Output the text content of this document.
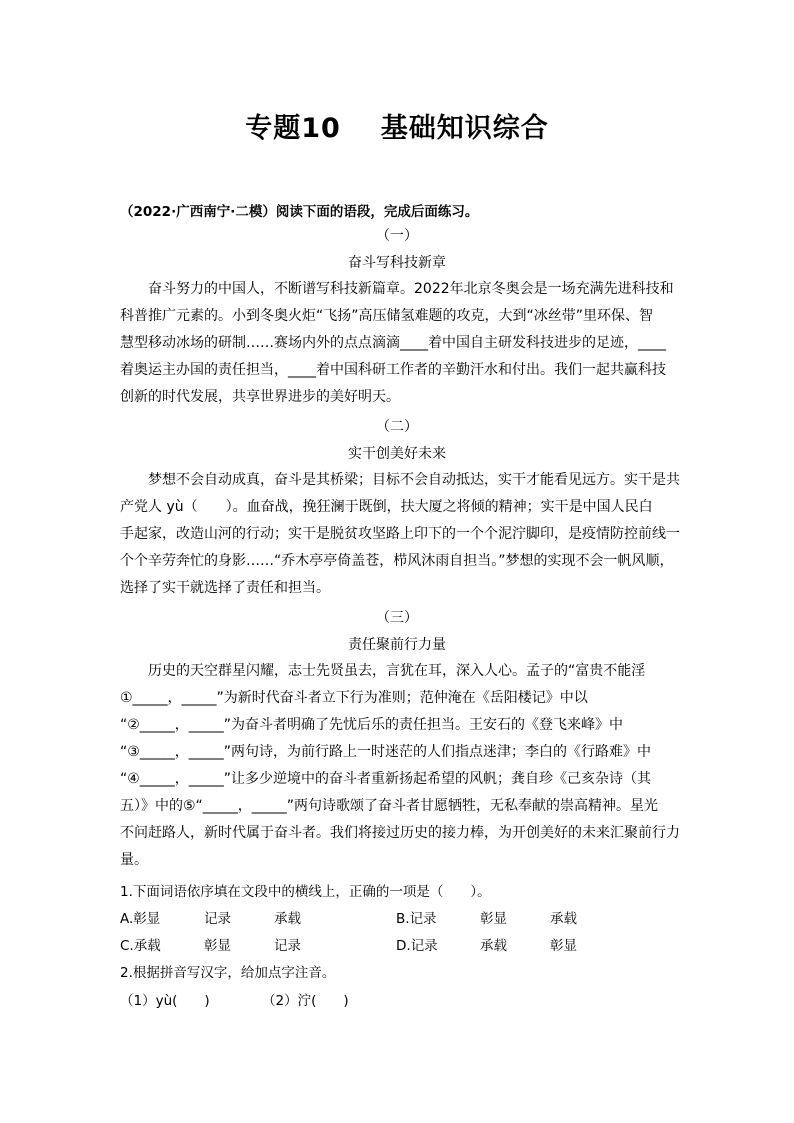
专题10 基础知识综合
（2022·广西南宁·二模）阅读下面的语段，完成后面练习。
（一）
奋斗写科技新章
　　奋斗努力的中国人，不断谱写科技新篇章。2022年北京冬奥会是一场充满先进科技和
科普推广元素的。小到冬奥火炬“飞扬”高压储氢难题的攻克，大到“冰丝带”里环保、智
慧型移动冰场的研制……赛场内外的点点滴滴____着中国自主研发科技进步的足迹，____
着奥运主办国的责任担当，____着中国科研工作者的辛勤汗水和付出。我们一起共赢科技
创新的时代发展，共享世界进步的美好明天。
（二）
实干创美好未来
　　梦想不会自动成真，奋斗是其桥梁；目标不会自动抵达，实干才能看见远方。实干是共
产党人 yù（　　）。血奋战，挽狂澜于既倒，扶大厦之将倾的精神；实干是中国人民白
手起家，改造山河的行动；实干是脱贫攻坚路上印下的一个个泥泞脚印，是疫情防控前线一
个个辛劳奔忙的身影……“乔木亭亭倚盖苍，栉风沐雨自担当。”梦想的实现不会一帆风顺，
选择了实干就选择了责任和担当。
（三）
责任聚前行力量
　　历史的天空群星闪耀，志士先贤虽去，言犹在耳，深入人心。孟子的“富贵不能淫
①_____，_____”为新时代奋斗者立下行为准则；范仲淹在《岳阳楼记》中以
“②_____，_____”为奋斗者明确了先忧后乐的责任担当。王安石的《登飞来峰》中
“③_____，_____”两句诗，为前行路上一时迷茫的人们指点迷津；李白的《行路难》中
“④_____，_____”让多少逆境中的奋斗者重新扬起希望的风帆；龚自珍《己亥杂诗（其
五）》中的⑤“_____，_____”两句诗歌颂了奋斗者甘愿牺牲，无私奉献的崇高精神。星光
不问赶路人，新时代属于奋斗者。我们将接过历史的接力棒，为开创美好的未来汇聚前行力
量。
1.下面词语依序填在文段中的横线上，正确的一项是（　　）。
A.彰显	记录	承载	B.记录	彰显	承载
C.承载	彰显	记录	D.记录	承载	彰显
2.根据拼音写汉字，给加点字注音。
（1）yù(　　)	（2）泞(　　)
